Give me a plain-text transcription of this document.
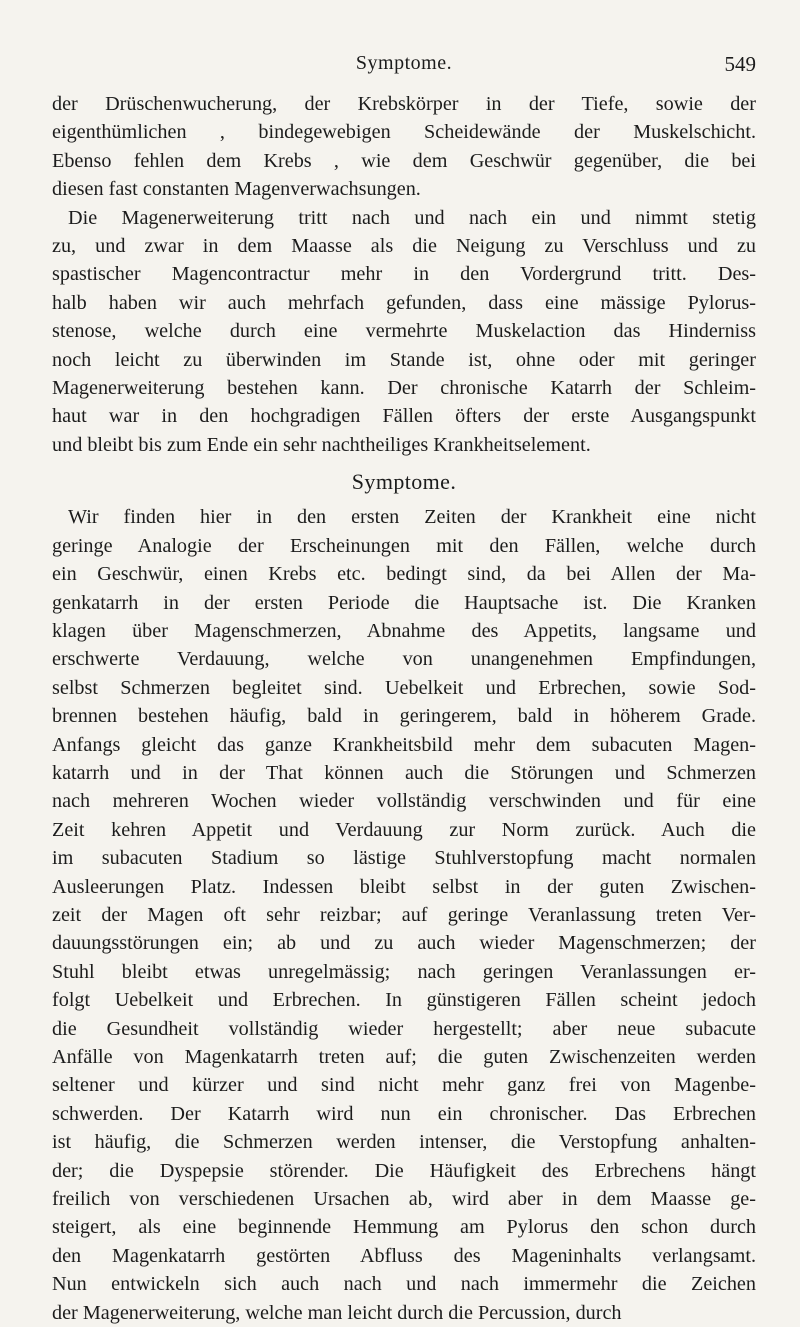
Symptome.	549
der Drüschenwucherung, der Krebskörper in der Tiefe, sowie der
eigenthümlichen , bindegewebigen Scheidewände der Muskelschicht.
Ebenso fehlen dem Krebs , wie dem Geschwür gegenüber, die bei
diesen fast constanten Magenverwachsungen.
Die Magenerweiterung tritt nach und nach ein und nimmt stetig
zu, und zwar in dem Maasse als die Neigung zu Verschluss und zu
spastischer Magencontractur mehr in den Vordergrund tritt. Des-
halb haben wir auch mehrfach gefunden, dass eine mässige Pylorus-
stenose, welche durch eine vermehrte Muskelaction das Hinderniss
noch leicht zu überwinden im Stande ist, ohne oder mit geringer
Magenerweiterung bestehen kann. Der chronische Katarrh der Schleim-
haut war in den hochgradigen Fällen öfters der erste Ausgangspunkt
und bleibt bis zum Ende ein sehr nachtheiliges Krankheitselement.
Symptome.
Wir finden hier in den ersten Zeiten der Krankheit eine nicht
geringe Analogie der Erscheinungen mit den Fällen, welche durch
ein Geschwür, einen Krebs etc. bedingt sind, da bei Allen der Ma-
genkatarrh in der ersten Periode die Hauptsache ist. Die Kranken
klagen über Magenschmerzen, Abnahme des Appetits, langsame und
erschwerte Verdauung, welche von unangenehmen Empfindungen,
selbst Schmerzen begleitet sind. Uebelkeit und Erbrechen, sowie Sod-
brennen bestehen häufig, bald in geringerem, bald in höherem Grade.
Anfangs gleicht das ganze Krankheitsbild mehr dem subacuten Magen-
katarrh und in der That können auch die Störungen und Schmerzen
nach mehreren Wochen wieder vollständig verschwinden und für eine
Zeit kehren Appetit und Verdauung zur Norm zurück. Auch die
im subacuten Stadium so lästige Stuhlverstopfung macht normalen
Ausleerungen Platz. Indessen bleibt selbst in der guten Zwischen-
zeit der Magen oft sehr reizbar; auf geringe Veranlassung treten Ver-
dauungsstörungen ein; ab und zu auch wieder Magenschmerzen; der
Stuhl bleibt etwas unregelmässig; nach geringen Veranlassungen er-
folgt Uebelkeit und Erbrechen. In günstigeren Fällen scheint jedoch
die Gesundheit vollständig wieder hergestellt; aber neue subacute
Anfälle von Magenkatarrh treten auf; die guten Zwischenzeiten werden
seltener und kürzer und sind nicht mehr ganz frei von Magenbe-
schwerden. Der Katarrh wird nun ein chronischer. Das Erbrechen
ist häufig, die Schmerzen werden intenser, die Verstopfung anhalten-
der; die Dyspepsie störender. Die Häufigkeit des Erbrechens hängt
freilich von verschiedenen Ursachen ab, wird aber in dem Maasse ge-
steigert, als eine beginnende Hemmung am Pylorus den schon durch
den Magenkatarrh gestörten Abfluss des Mageninhalts verlangsamt.
Nun entwickeln sich auch nach und nach immermehr die Zeichen
der Magenerweiterung, welche man leicht durch die Percussion, durch
